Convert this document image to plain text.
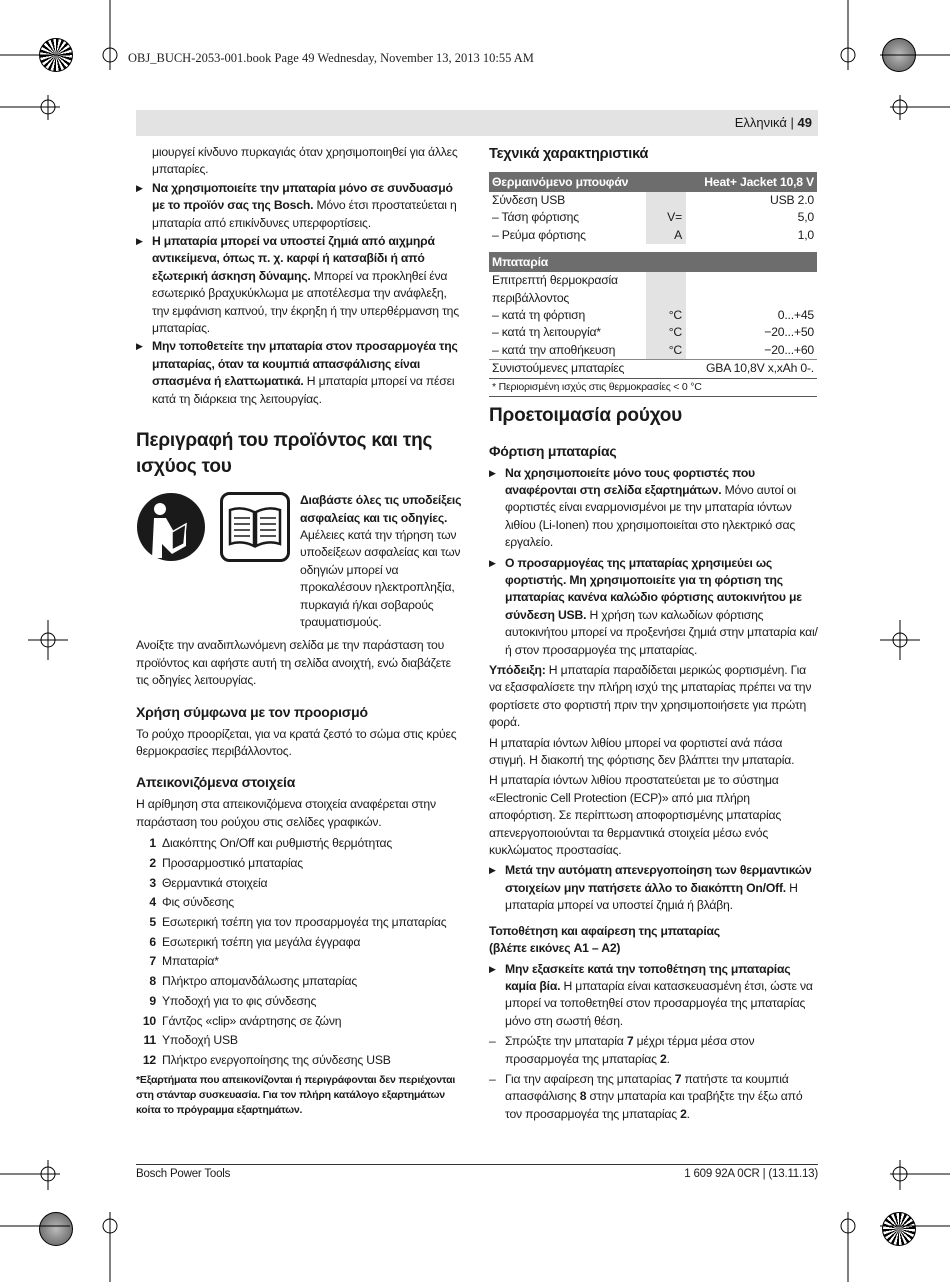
OBJ_BUCH-2053-001.book Page 49 Wednesday, November 13, 2013 10:55 AM
Ελληνικά | 49
μιουργεί κίνδυνο πυρκαγιάς όταν χρησιμοποιηθεί για άλλες μπαταρίες.
▶ Να χρησιμοποιείτε την μπαταρία μόνο σε συνδυασμό με το προϊόν σας της Bosch. Μόνο έτσι προστατεύεται η μπαταρία από επικίνδυνες υπερφορτίσεις.
▶ Η μπαταρία μπορεί να υποστεί ζημιά από αιχμηρά αντικείμενα, όπως π. χ. καρφί ή κατσαβίδι ή από εξωτερική άσκηση δύναμης. Μπορεί να προκληθεί ένα εσωτερικό βραχυκύκλωμα με αποτέλεσμα την ανάφλεξη, την εμφάνιση καπνού, την έκρηξη ή την υπερθέρμανση της μπαταρίας.
▶ Μην τοποθετείτε την μπαταρία στον προσαρμογέα της μπαταρίας, όταν τα κουμπιά απασφάλισης είναι σπασμένα ή ελαττωματικά. Η μπαταρία μπορεί να πέσει κατά τη διάρκεια της λειτουργίας.
Περιγραφή του προϊόντος και της ισχύος του
Διαβάστε όλες τις υποδείξεις ασφαλείας και τις οδηγίες. Αμέλειες κατά την τήρηση των υποδείξεων ασφαλείας και των οδηγιών μπορεί να προκαλέσουν ηλεκτροπληξία, πυρκαγιά ή/και σοβαρούς τραυματισμούς.
Ανοίξτε την αναδιπλωνόμενη σελίδα με την παράσταση του προϊόντος και αφήστε αυτή τη σελίδα ανοιχτή, ενώ διαβάζετε τις οδηγίες λειτουργίας.
Χρήση σύμφωνα με τον προορισμό
Το ρούχο προορίζεται, για να κρατά ζεστό το σώμα στις κρύες θερμοκρασίες περιβάλλοντος.
Απεικονιζόμενα στοιχεία
Η αρίθμηση στα απεικονιζόμενα στοιχεία αναφέρεται στην παράσταση του ρούχου στις σελίδες γραφικών.
1 Διακόπτης On/Off και ρυθμιστής θερμότητας
2 Προσαρμοστικό μπαταρίας
3 Θερμαντικά στοιχεία
4 Φις σύνδεσης
5 Εσωτερική τσέπη για τον προσαρμογέα της μπαταρίας
6 Εσωτερική τσέπη για μεγάλα έγγραφα
7 Μπαταρία*
8 Πλήκτρο απομανδάλωσης μπαταρίας
9 Υποδοχή για το φις σύνδεσης
10 Γάντζος «clip» ανάρτησης σε ζώνη
11 Υποδοχή USB
12 Πλήκτρο ενεργοποίησης της σύνδεσης USB
*Εξαρτήματα που απεικονίζονται ή περιγράφονται δεν περιέχονται στη στάνταρ συσκευασία. Για τον πλήρη κατάλογο εξαρτημάτων κοίτα το πρόγραμμα εξαρτημάτων.
Τεχνικά χαρακτηριστικά
Θερμαινόμενο μπουφάν	Heat+ Jacket 10,8 V
Σύνδεση USB	USB 2.0
– Τάση φόρτισης	V=	5,0
– Ρεύμα φόρτισης	A	1,0
Μπαταρία
Επιτρεπτή θερμοκρασία περιβάλλοντος
– κατά τη φόρτιση	°C	0...+45
– κατά τη λειτουργία*	°C	−20...+50
– κατά την αποθήκευση	°C	−20...+60
Συνιστούμενες μπαταρίες	GBA 10,8V x,xAh 0-.
* Περιορισμένη ισχύς στις θερμοκρασίες < 0 °C
Προετοιμασία ρούχου
Φόρτιση μπαταρίας
▶ Να χρησιμοποιείτε μόνο τους φορτιστές που αναφέρονται στη σελίδα εξαρτημάτων. Μόνο αυτοί οι φορτιστές είναι εναρμονισμένοι με την μπαταρία ιόντων λιθίου (Li-Ionen) που χρησιμοποιείται στο ηλεκτρικό σας εργαλείο.
▶ Ο προσαρμογέας της μπαταρίας χρησιμεύει ως φορτιστής. Μη χρησιμοποιείτε για τη φόρτιση της μπαταρίας κανένα καλώδιο φόρτισης αυτοκινήτου με σύνδεση USB. Η χρήση των καλωδίων φόρτισης αυτοκινήτου μπορεί να προξενήσει ζημιά στην μπαταρία και/ή στον προσαρμογέα της μπαταρίας.
Υπόδειξη: Η μπαταρία παραδίδεται μερικώς φορτισμένη. Για να εξασφαλίσετε την πλήρη ισχύ της μπαταρίας πρέπει να την φορτίσετε στο φορτιστή πριν την χρησιμοποιήσετε για πρώτη φορά.
Η μπαταρία ιόντων λιθίου μπορεί να φορτιστεί ανά πάσα στιγμή. Η διακοπή της φόρτισης δεν βλάπτει την μπαταρία.
Η μπαταρία ιόντων λιθίου προστατεύεται με το σύστημα «Electronic Cell Protection (ECP)» από μια πλήρη αποφόρτιση. Σε περίπτωση αποφορτισμένης μπαταρίας απενεργοποιούνται τα θερμαντικά στοιχεία μέσω ενός κυκλώματος προστασίας.
▶ Μετά την αυτόματη απενεργοποίηση των θερμαντικών στοιχείων μην πατήσετε άλλο το διακόπτη On/Off. Η μπαταρία μπορεί να υποστεί ζημιά ή βλάβη.
Τοποθέτηση και αφαίρεση της μπαταρίας (βλέπε εικόνες A1 – A2)
▶ Μην εξασκείτε κατά την τοποθέτηση της μπαταρίας καμία βία. Η μπαταρία είναι κατασκευασμένη έτσι, ώστε να μπορεί να τοποθετηθεί στον προσαρμογέα της μπαταρίας μόνο στη σωστή θέση.
– Σπρώξτε την μπαταρία 7 μέχρι τέρμα μέσα στον προσαρμογέα της μπαταρίας 2.
– Για την αφαίρεση της μπαταρίας 7 πατήστε τα κουμπιά απασφάλισης 8 στην μπαταρία και τραβήξτε την έξω από τον προσαρμογέα της μπαταρίας 2.
Bosch Power Tools	1 609 92A 0CR | (13.11.13)
